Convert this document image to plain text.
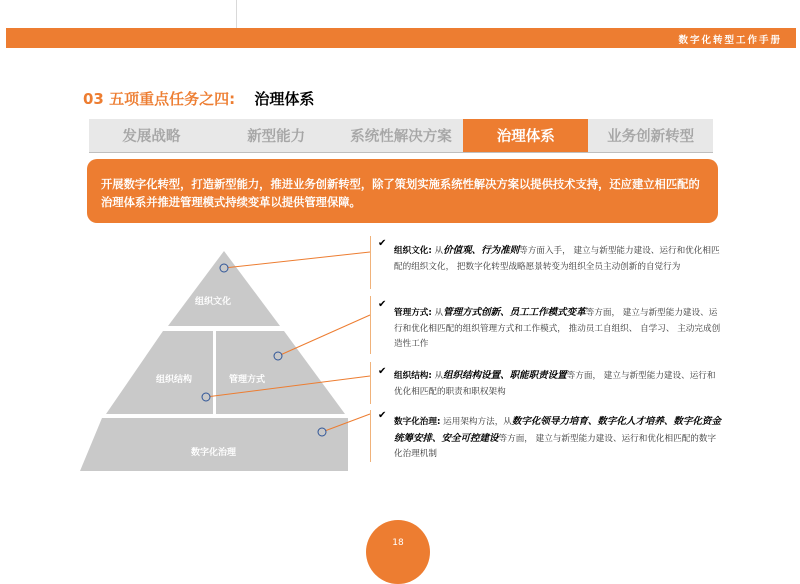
数字化转型工作手册
03 五项重点任务之四: 治理体系
发展战略	新型能力	系统性解决方案	治理体系	业务创新转型
开展数字化转型，打造新型能力，推进业务创新转型，除了策划实施系统性解决方案以提供技术支持，还应建立相匹配的治理体系并推进管理模式持续变革以提供管理保障。
组织文化
组织结构	管理方式
数字化治理
✔
✔
✔
✔
组织文化: 从价值观、行为准则等方面入手， 建立与新型能力建设、运行和优化相匹配的组织文化， 把数字化转型战略愿景转变为组织全员主动创新的自觉行为
管理方式: 从管理方式创新、员工工作模式变革等方面， 建立与新型能力建设、运行和优化相匹配的组织管理方式和工作模式， 推动员工自组织、 自学习、 主动完成创造性工作
组织结构: 从组织结构设置、职能职责设置等方面， 建立与新型能力建设、运行和优化相匹配的职责和职权架构
数字化治理: 运用架构方法，从数字化领导力培育、数字化人才培养、数字化资金统筹安排、安全可控建设等方面， 建立与新型能力建设、运行和优化相匹配的数字化治理机制
18
